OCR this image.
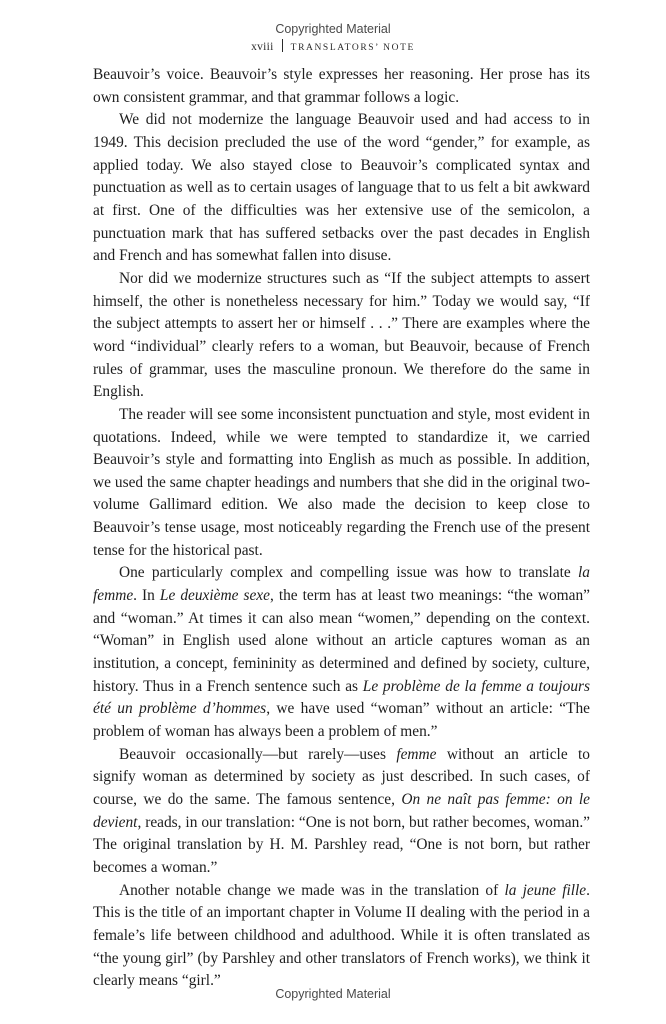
Copyrighted Material
xviii TRANSLATORS’ NOTE

Beauvoir’s voice. Beauvoir’s style expresses her reasoning. Her prose has its own consistent grammar, and that grammar follows a logic.

We did not modernize the language Beauvoir used and had access to in 1949. This decision precluded the use of the word “gender,” for example, as applied today. We also stayed close to Beauvoir’s complicated syntax and punctuation as well as to certain usages of language that to us felt a bit awkward at first. One of the difficulties was her extensive use of the semicolon, a punctuation mark that has suffered setbacks over the past decades in English and French and has somewhat fallen into disuse.

Nor did we modernize structures such as “If the subject attempts to assert himself, the other is nonetheless necessary for him.” Today we would say, “If the subject attempts to assert her or himself . . .” There are examples where the word “individual” clearly refers to a woman, but Beauvoir, because of French rules of grammar, uses the masculine pronoun. We therefore do the same in English.

The reader will see some inconsistent punctuation and style, most evident in quotations. Indeed, while we were tempted to standardize it, we carried Beauvoir’s style and formatting into English as much as possible. In addition, we used the same chapter headings and numbers that she did in the original two-volume Gallimard edition. We also made the decision to keep close to Beauvoir’s tense usage, most noticeably regarding the French use of the present tense for the historical past.

One particularly complex and compelling issue was how to translate la femme. In Le deuxième sexe, the term has at least two meanings: “the woman” and “woman.” At times it can also mean “women,” depending on the context. “Woman” in English used alone without an article captures woman as an institution, a concept, femininity as determined and defined by society, culture, history. Thus in a French sentence such as Le problème de la femme a toujours été un problème d’hommes, we have used “woman” without an article: “The problem of woman has always been a problem of men.”

Beauvoir occasionally—but rarely—uses femme without an article to signify woman as determined by society as just described. In such cases, of course, we do the same. The famous sentence, On ne naît pas femme: on le devient, reads, in our translation: “One is not born, but rather becomes, woman.” The original translation by H. M. Parshley read, “One is not born, but rather becomes a woman.”

Another notable change we made was in the translation of la jeune fille. This is the title of an important chapter in Volume II dealing with the period in a female’s life between childhood and adulthood. While it is often translated as “the young girl” (by Parshley and other translators of French works), we think it clearly means “girl.”

Copyrighted Material
